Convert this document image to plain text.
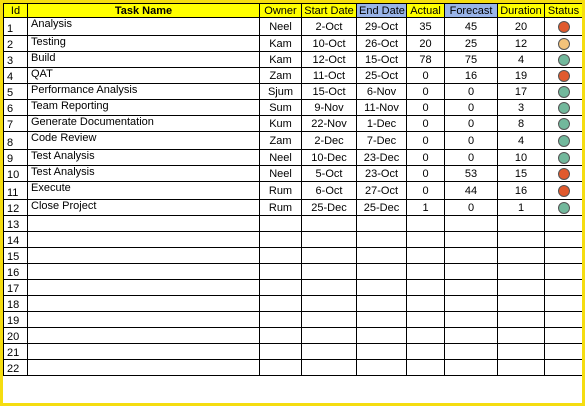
Id	Task Name	Owner	Start Date	End Date	Actual	Forecast	Duration	Status
1	Analysis	Neel	2-Oct	29-Oct	35	45	20	
2	Testing	Kam	10-Oct	26-Oct	20	25	12	
3	Build	Kam	12-Oct	15-Oct	78	75	4	
4	QAT	Zam	11-Oct	25-Oct	0	16	19	
5	Performance Analysis	Sjum	15-Oct	6-Nov	0	0	17	
6	Team Reporting	Sum	9-Nov	11-Nov	0	0	3	
7	Generate Documentation	Kum	22-Nov	1-Dec	0	0	8	
8	Code Review	Zam	2-Dec	7-Dec	0	0	4	
9	Test Analysis	Neel	10-Dec	23-Dec	0	0	10	
10	Test Analysis	Neel	5-Oct	23-Oct	0	53	15	
11	Execute	Rum	6-Oct	27-Oct	0	44	16	
12	Close Project	Rum	25-Dec	25-Dec	1	0	1	
13								
14								
15								
16								
17								
18								
19								
20								
21								
22								
